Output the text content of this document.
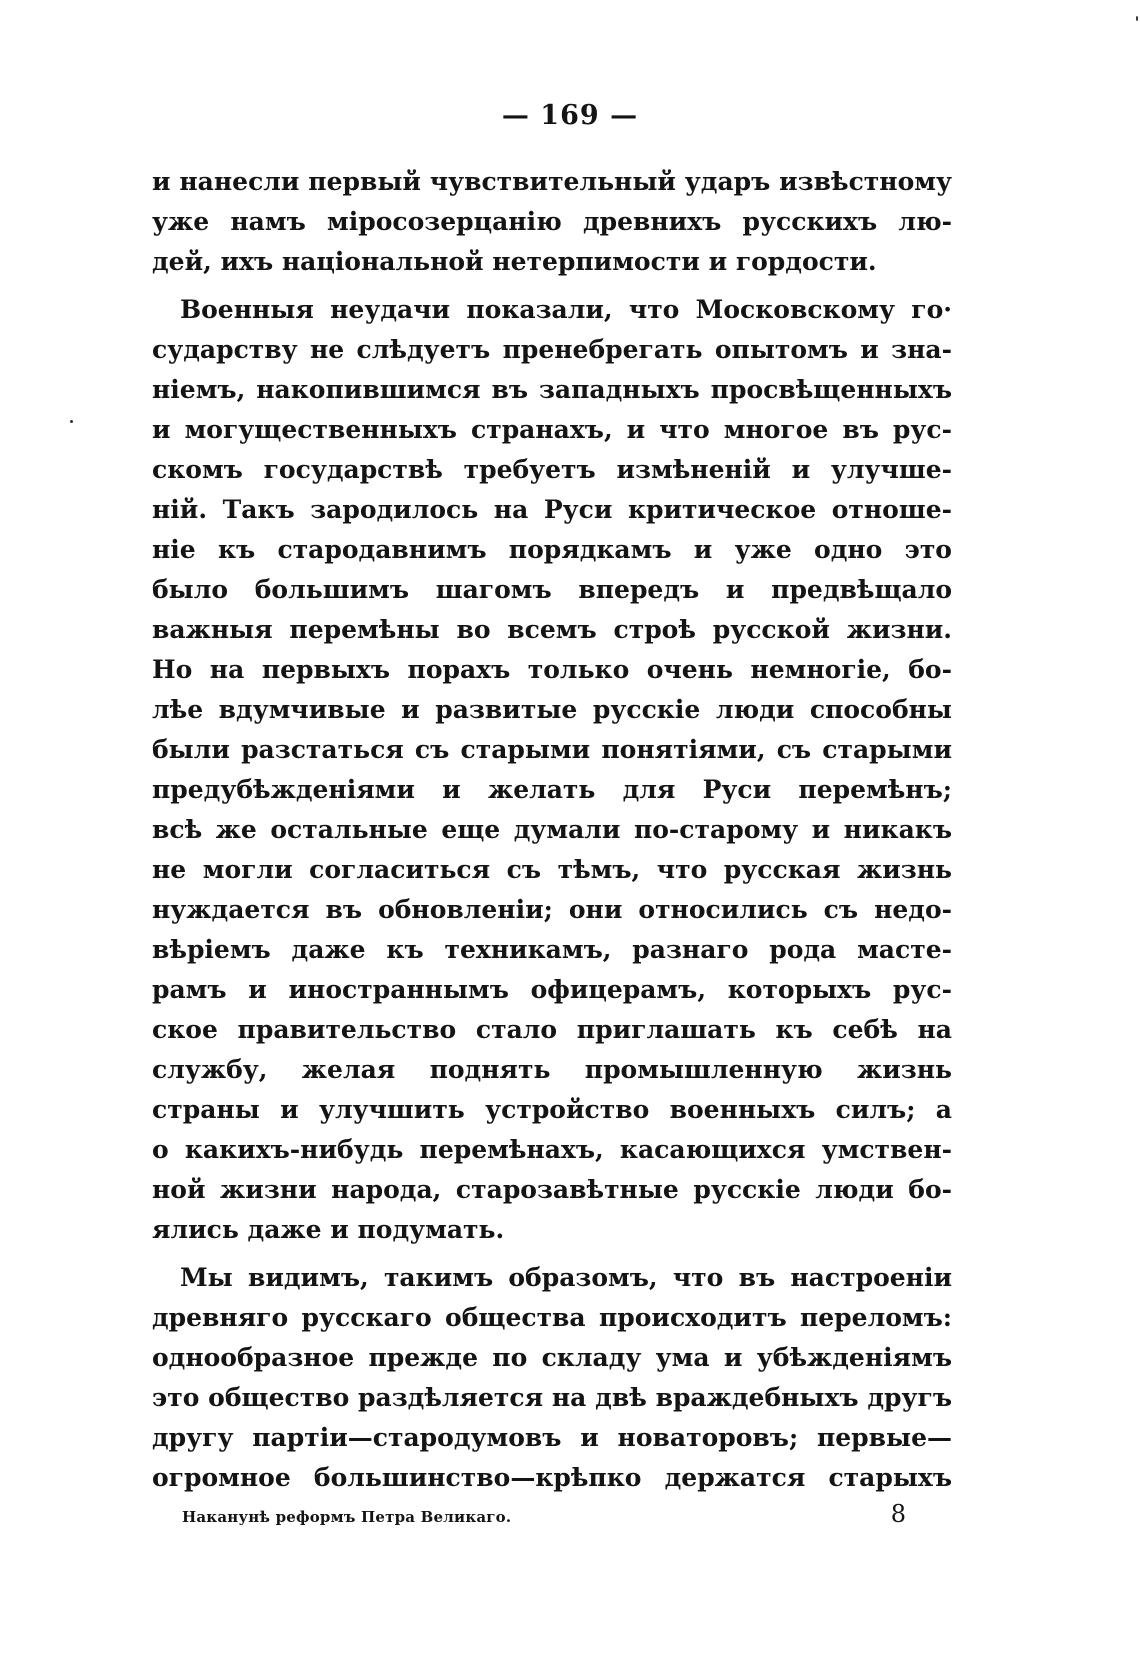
— 169 —
и нанесли первый чувствительный ударъ извѣстному
уже намъ міросозерцанію древнихъ русскихъ лю-
дей, ихъ національной нетерпимости и гордости.
Военныя неудачи показали, что Московскому го·
сударству не слѣдуетъ пренебрегать опытомъ и зна-
ніемъ, накопившимся въ западныхъ просвѣщенныхъ
и могущественныхъ странахъ, и что многое въ рус-
скомъ государствѣ требуетъ измѣненій и улучше-
ній. Такъ зародилось на Руси критическое отноше-
ніе къ стародавнимъ порядкамъ и уже одно это
было большимъ шагомъ впередъ и предвѣщало
важныя перемѣны во всемъ строѣ русской жизни.
Но на первыхъ порахъ только очень немногіе, бо-
лѣе вдумчивые и развитые русскіе люди способны
были разстаться съ старыми понятіями, съ старыми
предубѣжденіями и желать для Руси перемѣнъ;
всѣ же остальные еще думали по-старому и никакъ
не могли согласиться съ тѣмъ, что русская жизнь
нуждается въ обновленіи; они относились съ недо-
вѣріемъ даже къ техникамъ, разнаго рода масте-
рамъ и иностраннымъ офицерамъ, которыхъ рус-
ское правительство стало приглашать къ себѣ на
службу, желая поднять промышленную жизнь
страны и улучшить устройство военныхъ силъ; а
о какихъ-нибудь перемѣнахъ, касающихся умствен-
ной жизни народа, старозавѣтные русскіе люди бо-
ялись даже и подумать.
Мы видимъ, такимъ образомъ, что въ настроеніи
древняго русскаго общества происходитъ переломъ:
однообразное прежде по складу ума и убѣжденіямъ
это общество раздѣляется на двѣ враждебныхъ другъ
другу партіи—стародумовъ и новаторовъ; первые—
огромное большинство—крѣпко держатся старыхъ
Наканунѣ реформъ Петра Великаго.	8
